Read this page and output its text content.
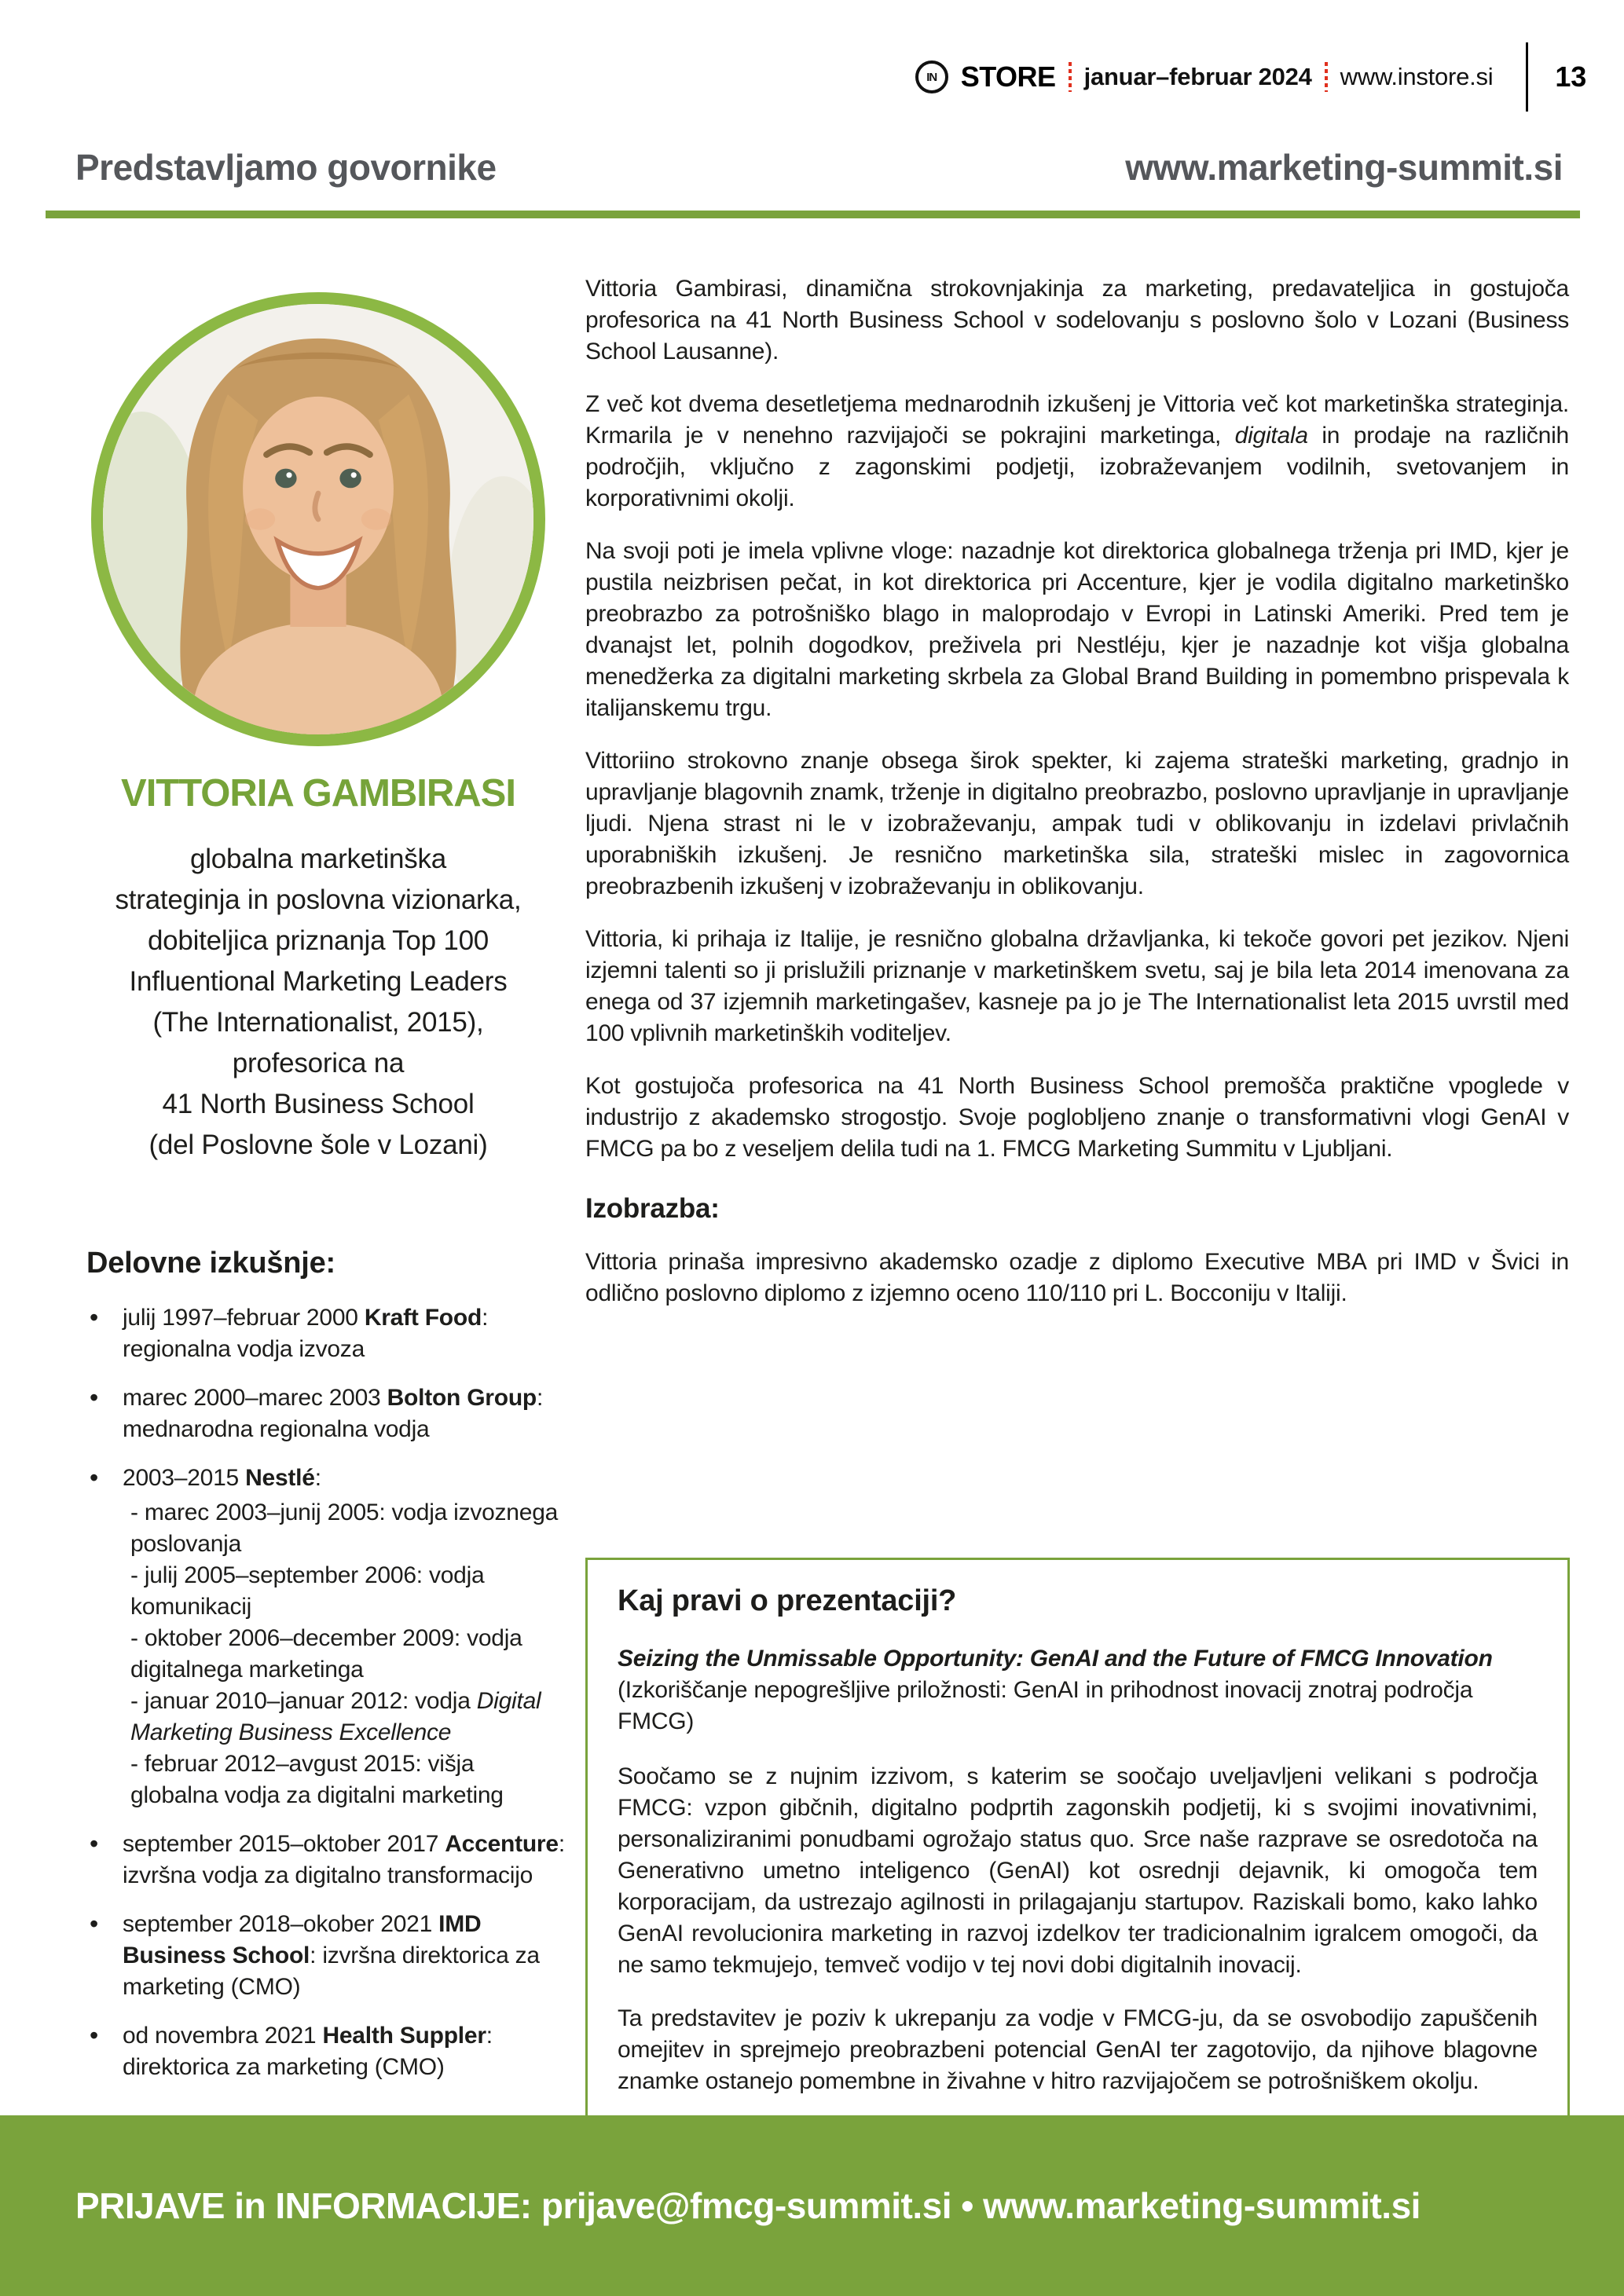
IN STORE januar–februar 2024 www.instore.si 13
Predstavljamo govornike	www.marketing-summit.si
VITTORIA GAMBIRASI
globalna marketinška
strateginja in poslovna vizionarka,
dobiteljica priznanja Top 100
Influentional Marketing Leaders
(The Internationalist, 2015),
profesorica na
41 North Business School
(del Poslovne šole v Lozani)
Delovne izkušnje:
• julij 1997–februar 2000 Kraft Food: regionalna vodja izvoza
• marec 2000–marec 2003 Bolton Group: mednarodna regionalna vodja
• 2003–2015 Nestlé:
- marec 2003–junij 2005: vodja izvoznega poslovanja
- julij 2005–september 2006: vodja komunikacij
- oktober 2006–december 2009: vodja digitalnega marketinga
- januar 2010–januar 2012: vodja Digital Marketing Business Excellence
- februar 2012–avgust 2015: višja globalna vodja za digitalni marketing
• september 2015–oktober 2017 Accenture: izvršna vodja za digitalno transformacijo
• september 2018–okober 2021 IMD Business School: izvršna direktorica za marketing (CMO)
• od novembra 2021 Health Suppler: direktorica za marketing (CMO)

Vittoria Gambirasi, dinamična strokovnjakinja za marketing, predavateljica in gostujoča profesorica na 41 North Business School v sodelovanju s poslovno šolo v Lozani (Business School Lausanne).

Z več kot dvema desetletjema mednarodnih izkušenj je Vittoria več kot marketinška strateginja. Krmarila je v nenehno razvijajoči se pokrajini marketinga, digitala in prodaje na različnih področjih, vključno z zagonskimi podjetji, izobraževanjem vodilnih, svetovanjem in korporativnimi okolji.

Na svoji poti je imela vplivne vloge: nazadnje kot direktorica globalnega trženja pri IMD, kjer je pustila neizbrisen pečat, in kot direktorica pri Accenture, kjer je vodila digitalno marketinško preobrazbo za potrošniško blago in maloprodajo v Evropi in Latinski Ameriki. Pred tem je dvanajst let, polnih dogodkov, preživela pri Nestléju, kjer je nazadnje kot višja globalna menedžerka za digitalni marketing skrbela za Global Brand Building in pomembno prispevala k italijanskemu trgu.

Vittoriino strokovno znanje obsega širok spekter, ki zajema strateški marketing, gradnjo in upravljanje blagovnih znamk, trženje in digitalno preobrazbo, poslovno upravljanje in upravljanje ljudi. Njena strast ni le v izobraževanju, ampak tudi v oblikovanju in izdelavi privlačnih uporabniških izkušenj. Je resnično marketinška sila, strateški mislec in zagovornica preobrazbenih izkušenj v izobraževanju in oblikovanju.

Vittoria, ki prihaja iz Italije, je resnično globalna državljanka, ki tekoče govori pet jezikov. Njeni izjemni talenti so ji prislužili priznanje v marketinškem svetu, saj je bila leta 2014 imenovana za enega od 37 izjemnih marketingašev, kasneje pa jo je The Internationalist leta 2015 uvrstil med 100 vplivnih marketinških voditeljev.

Kot gostujoča profesorica na 41 North Business School premošča praktične vpoglede v industrijo z akademsko strogostjo. Svoje poglobljeno znanje o transformativni vlogi GenAI v FMCG pa bo z veseljem delila tudi na 1. FMCG Marketing Summitu v Ljubljani.

Izobrazba:

Vittoria prinaša impresivno akademsko ozadje z diplomo Executive MBA pri IMD v Švici in odlično poslovno diplomo z izjemno oceno 110/110 pri L. Bocconiju v Italiji.

Kaj pravi o prezentaciji?

Seizing the Unmissable Opportunity: GenAI and the Future of FMCG Innovation

(Izkoriščanje nepogrešljive priložnosti: GenAI in prihodnost inovacij znotraj področja FMCG)

Soočamo se z nujnim izzivom, s katerim se soočajo uveljavljeni velikani s področja FMCG: vzpon gibčnih, digitalno podprtih zagonskih podjetij, ki s svojimi inovativnimi, personaliziranimi ponudbami ogrožajo status quo. Srce naše razprave se osredotoča na Generativno umetno inteligenco (GenAI) kot osrednji dejavnik, ki omogoča tem korporacijam, da ustrezajo agilnosti in prilagajanju startupov. Raziskali bomo, kako lahko GenAI revolucionira marketing in razvoj izdelkov ter tradicionalnim igralcem omogoči, da ne samo tekmujejo, temveč vodijo v tej novi dobi digitalnih inovacij.

Ta predstavitev je poziv k ukrepanju za vodje v FMCG-ju, da se osvobodijo zapuščenih omejitev in sprejmejo preobrazbeni potencial GenAI ter zagotovijo, da njihove blagovne znamke ostanejo pomembne in živahne v hitro razvijajočem se potrošniškem okolju.

PRIJAVE in INFORMACIJE: prijave@fmcg-summit.si • www.marketing-summit.si
